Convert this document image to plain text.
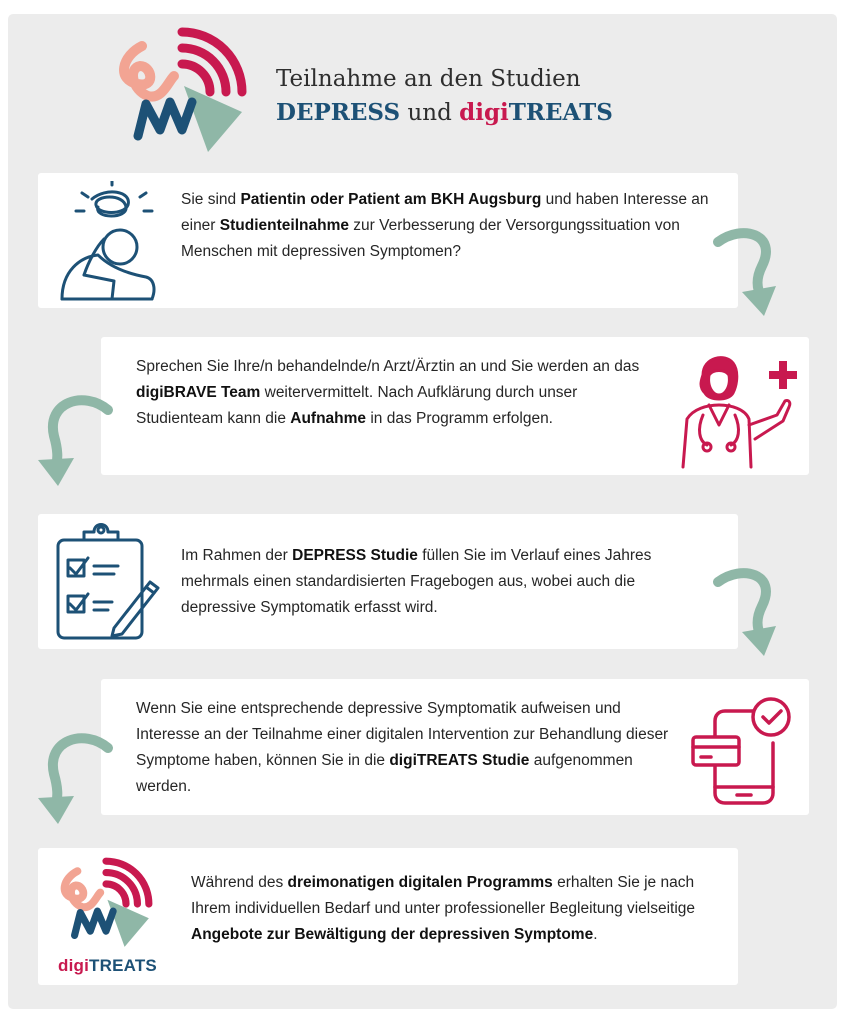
Teilnahme an den Studien
DEPRESS und digiTREATS

Sie sind Patientin oder Patient am BKH Augsburg und haben Interesse an einer Studienteilnahme zur Verbesserung der Versorgungssituation von Menschen mit depressiven Symptomen?

Sprechen Sie Ihre/n behandelnde/n Arzt/Ärztin an und Sie werden an das digiBRAVE Team weitervermittelt. Nach Aufklärung durch unser Studienteam kann die Aufnahme in das Programm erfolgen.

Im Rahmen der DEPRESS Studie füllen Sie im Verlauf eines Jahres mehrmals einen standardisierten Fragebogen aus, wobei auch die depressive Symptomatik erfasst wird.

Wenn Sie eine entsprechende depressive Symptomatik aufweisen und Interesse an der Teilnahme einer digitalen Intervention zur Behandlung dieser Symptome haben, können Sie in die digiTREATS Studie aufgenommen werden.

digiTREATS

Während des dreimonatigen digitalen Programms erhalten Sie je nach Ihrem individuellen Bedarf und unter professioneller Begleitung vielseitige Angebote zur Bewältigung der depressiven Symptome.
